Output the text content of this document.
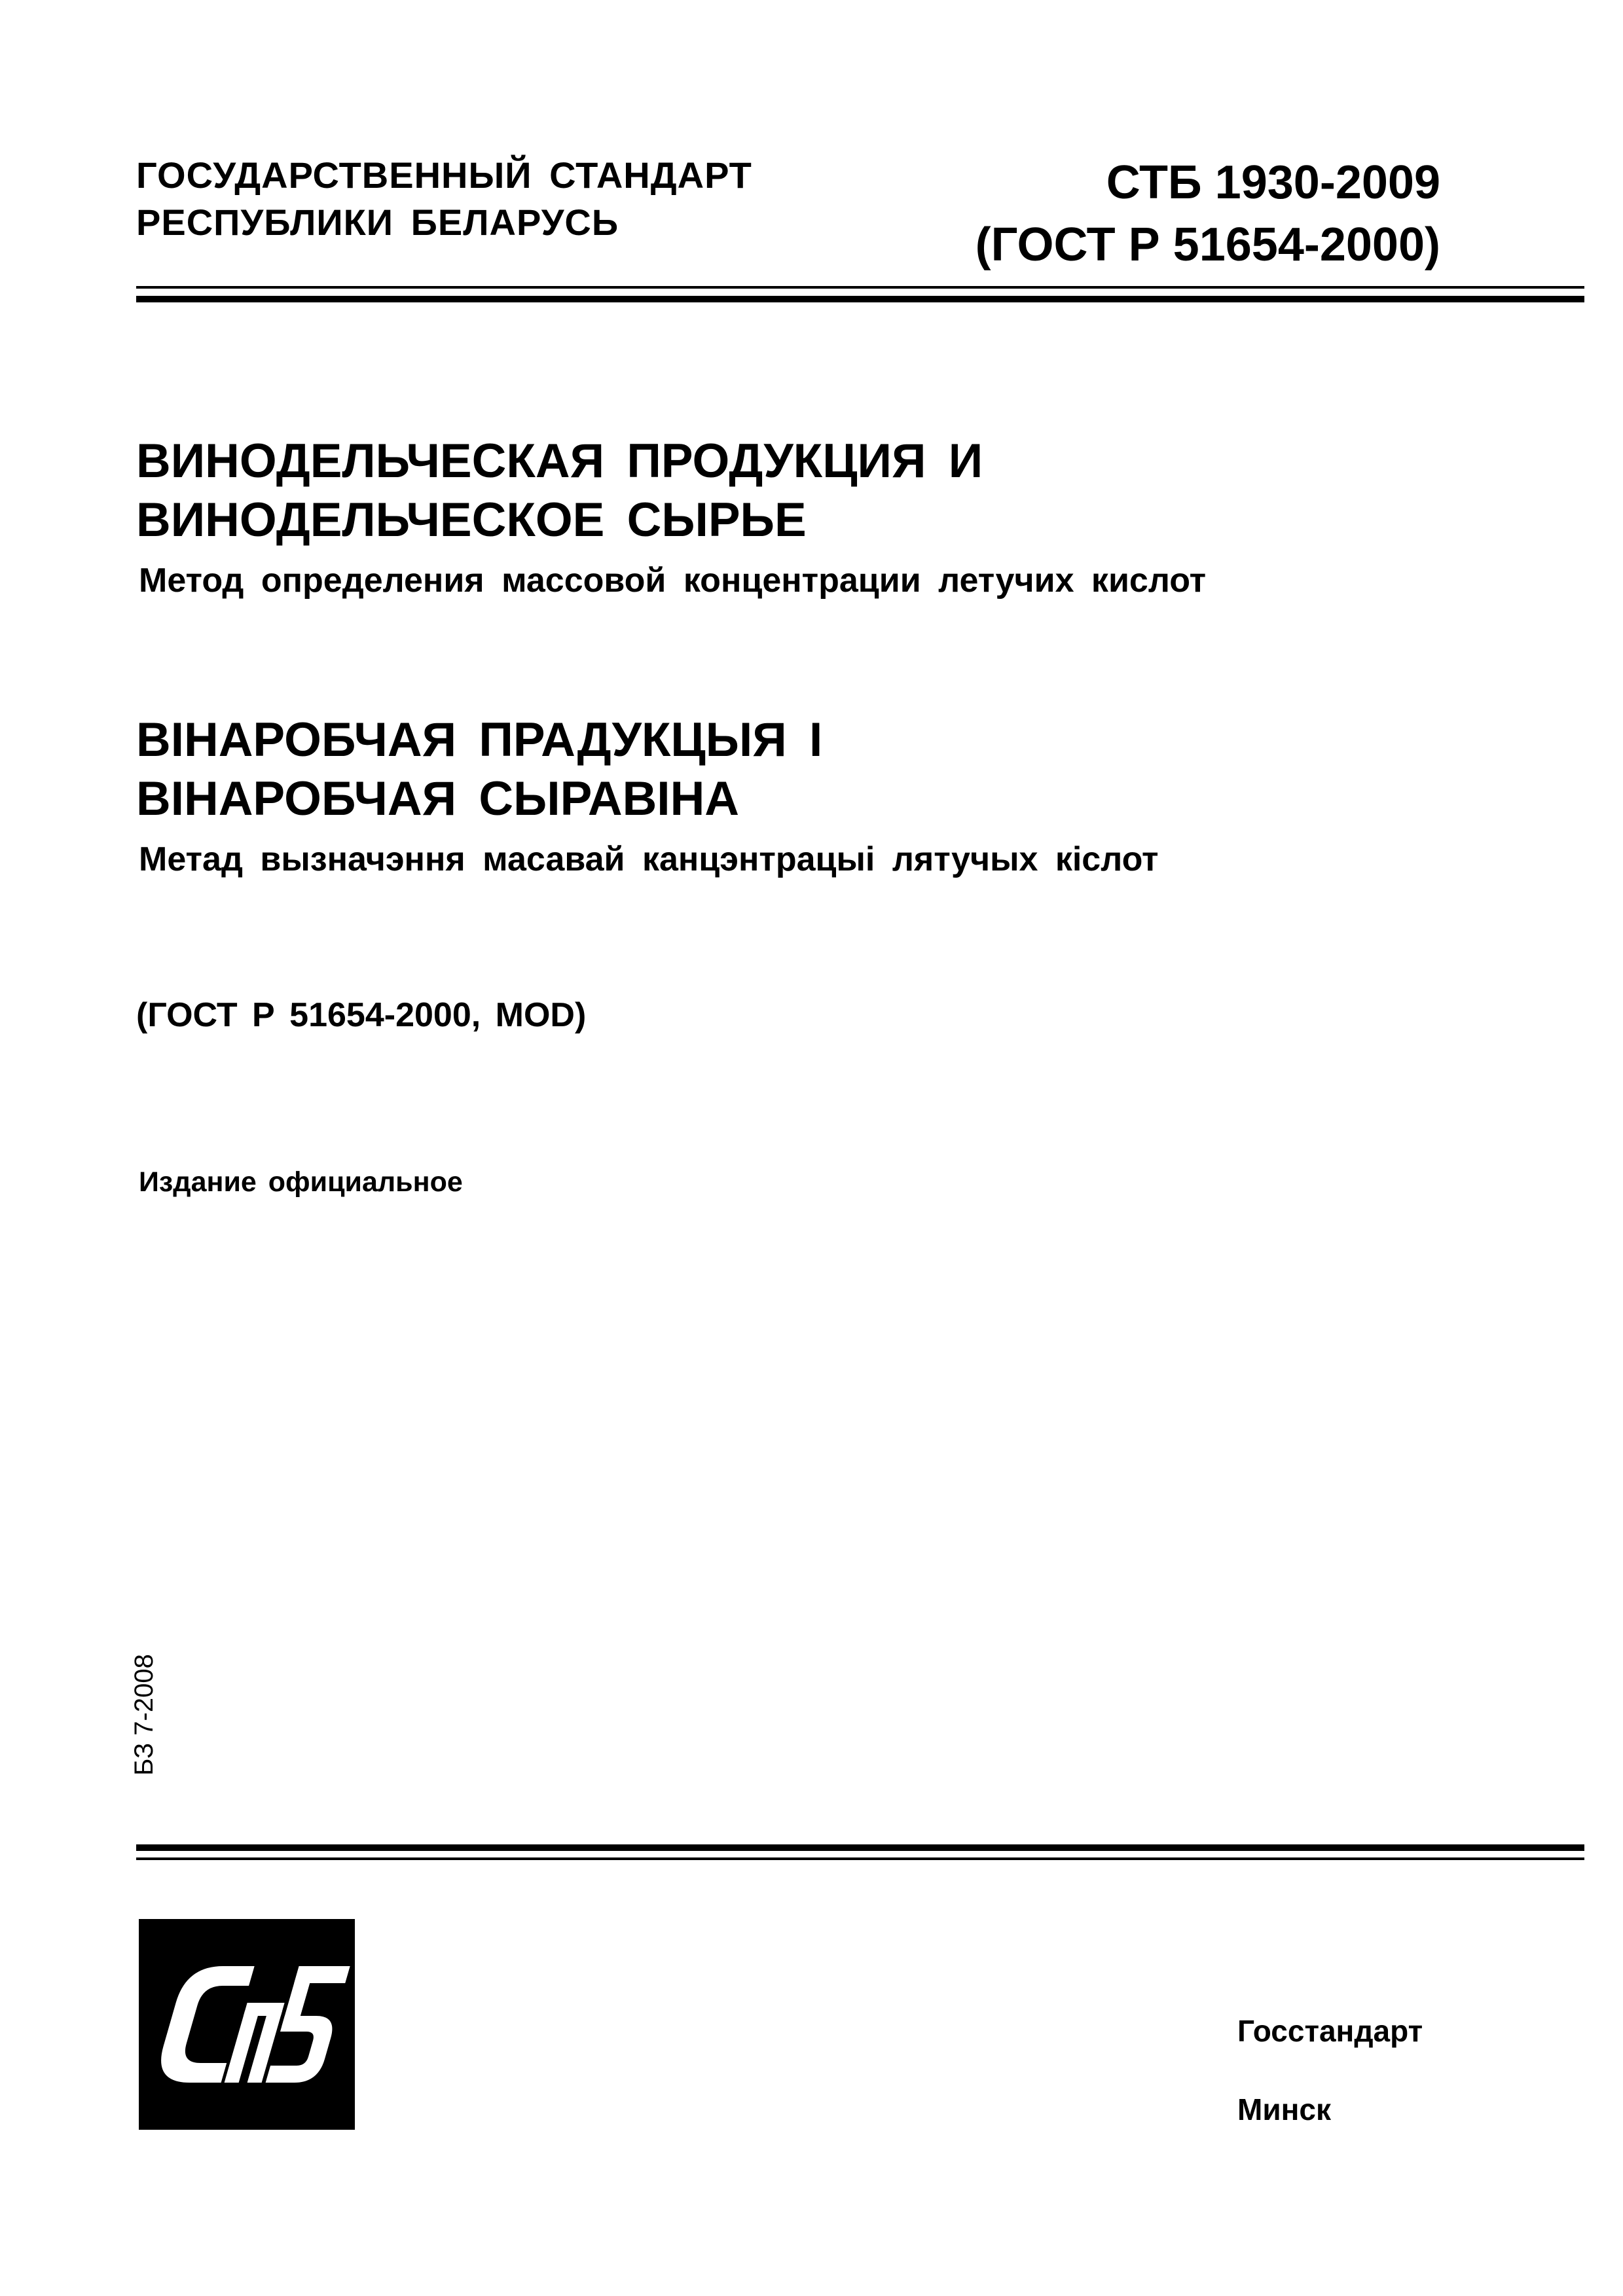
ГОСУДАРСТВЕННЫЙ СТАНДАРТ
РЕСПУБЛИКИ БЕЛАРУСЬ
СТБ 1930-2009
(ГОСТ Р 51654-2000)
ВИНОДЕЛЬЧЕСКАЯ ПРОДУКЦИЯ И
ВИНОДЕЛЬЧЕСКОЕ СЫРЬЕ
Метод определения массовой концентрации летучих кислот
ВІНАРОБЧАЯ ПРАДУКЦЫЯ І
ВІНАРОБЧАЯ СЫРАВІНА
Метад вызначэння масавай канцэнтрацыі лятучых кіслот
(ГОСТ Р 51654-2000, MOD)
Издание официальное
БЗ 7-2008
Госстандарт
Минск
